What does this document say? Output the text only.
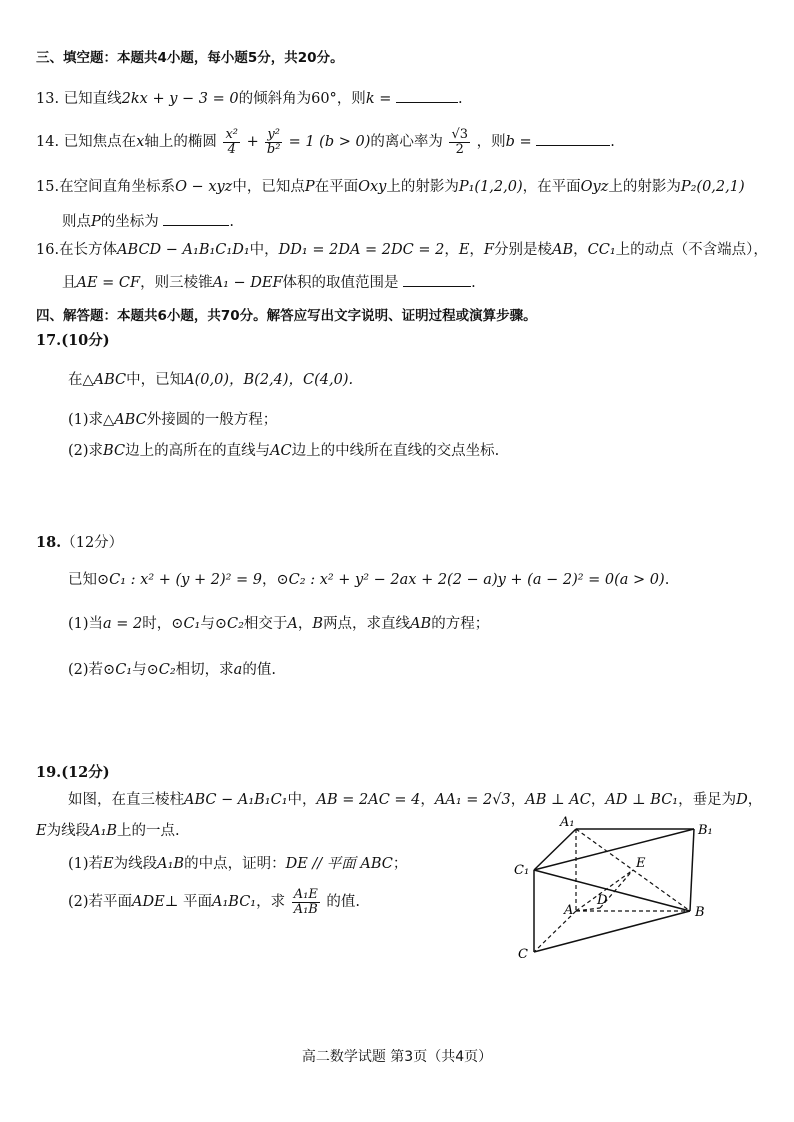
三、填空题：本题共4小题，每小题5分，共20分。
13. 已知直线2kx + y − 3 = 0的倾斜角为60°，则k =	.
14. 已知焦点在x轴上的椭圆 $\frac{\text{x²}}{4} + \frac{\text{y²}}{\text{b²}} = 1$ (b > 0)的离心率为 $\frac{√3}{2}$ ，则b =	.
15.在空间直角坐标系O − xyz中，已知点P在平面Oxy上的射影为P₁(1,2,0)，在平面Oyz上的射影为P₂(0,2,1)
则点P的坐标为	.
16.在长方体ABCD − A₁B₁C₁D₁中，DD₁ = 2DA = 2DC = 2，E，F分别是棱AB，CC₁上的动点（不含端点），
且AE = CF，则三棱锥A₁ − DEF体积的取值范围是	.
四、解答题：本题共6小题，共70分。解答应写出文字说明、证明过程或演算步骤。
17.(10分)
在△ABC中，已知A(0,0)，B(2,4)，C(4,0).
(1)求△ABC外接圆的一般方程；
(2)求BC边上的高所在的直线与AC边上的中线所在直线的交点坐标.
18.（12分）
已知⊙C₁ : x² + (y + 2)² = 9，⊙C₂ : x² + y² − 2ax + 2(2 − a)y + (a − 2)² = 0(a > 0).
(1)当a = 2时，⊙C₁与⊙C₂相交于A，B两点，求直线AB的方程；
(2)若⊙C₁与⊙C₂相切，求a的值.
19.(12分)
如图，在直三棱柱ABC − A₁B₁C₁中，AB = 2AC = 4，AA₁ = 2√3，AB ⊥ AC，AD ⊥ BC₁，垂足为D，
E为线段A₁B上的一点.
(1)若E为线段A₁B的中点，证明：DE // 平面 ABC；
(2)若平面ADE⊥ 平面A₁BC₁，求 $\frac{\text{A₁E}}{\text{A₁B}}$ 的值.
A₁
B₁
C₁	E
A
D
B
C
高二数学试题 第3页（共4页）
